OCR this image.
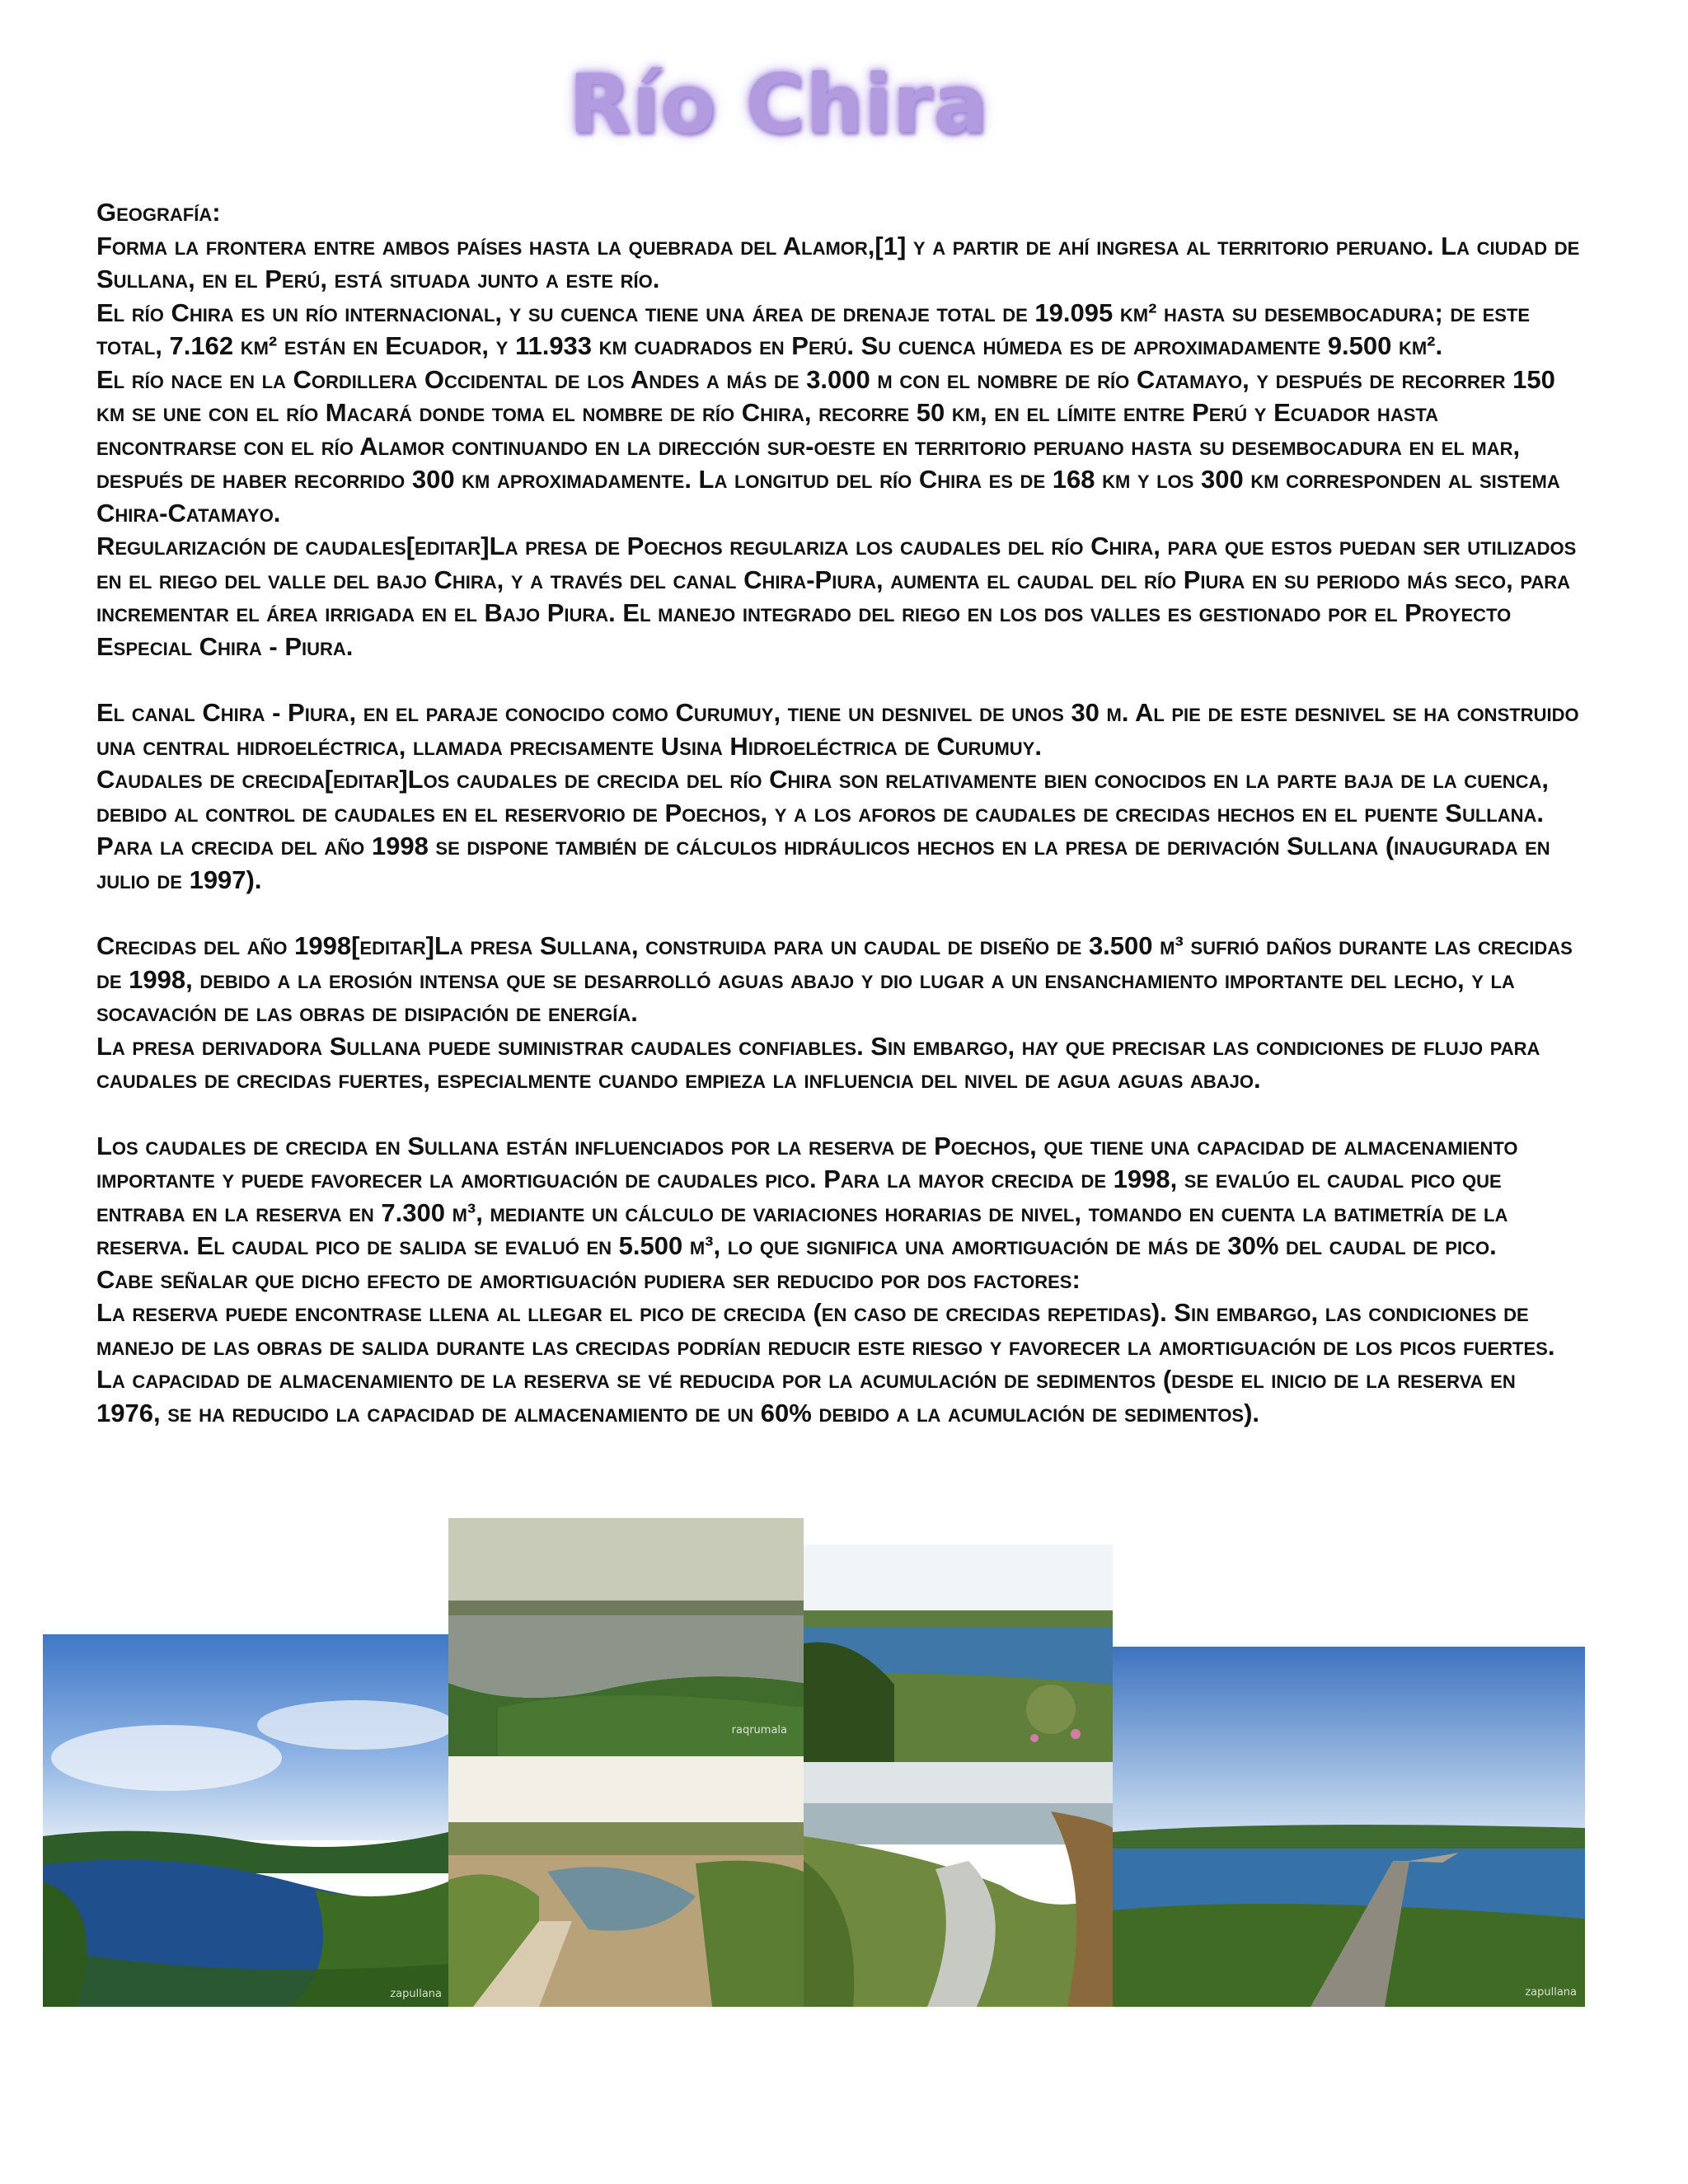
Río Chira

Geografía:

Forma la frontera entre ambos países hasta la quebrada del Alamor,[1] y a partir de ahí ingresa al territorio peruano. La ciudad de Sullana, en el Perú, está situada junto a este río.

El río Chira es un río internacional, y su cuenca tiene una área de drenaje total de 19.095 km² hasta su desembocadura; de este total, 7.162 km² están en Ecuador, y 11.933 km cuadrados en Perú. Su cuenca húmeda es de aproximadamente 9.500 km².

El río nace en la Cordillera Occidental de los Andes a más de 3.000 m con el nombre de río Catamayo, y después de recorrer 150 km se une con el río Macará donde toma el nombre de río Chira, recorre 50 km, en el límite entre Perú y Ecuador hasta encontrarse con el río Alamor continuando en la dirección sur-oeste en territorio peruano hasta su desembocadura en el mar, después de haber recorrido 300 km aproximadamente. La longitud del río Chira es de 168 km y los 300 km corresponden al sistema Chira-Catamayo.

Regularización de caudales[editar]La presa de Poechos regulariza los caudales del río Chira, para que estos puedan ser utilizados en el riego del valle del bajo Chira, y a través del canal Chira-Piura, aumenta el caudal del río Piura en su periodo más seco, para incrementar el área irrigada en el Bajo Piura. El manejo integrado del riego en los dos valles es gestionado por el Proyecto Especial Chira - Piura.

El canal Chira - Piura, en el paraje conocido como Curumuy, tiene un desnivel de unos 30 m. Al pie de este desnivel se ha construido una central hidroeléctrica, llamada precisamente Usina Hidroeléctrica de Curumuy.

Caudales de crecida[editar]Los caudales de crecida del río Chira son relativamente bien conocidos en la parte baja de la cuenca, debido al control de caudales en el reservorio de Poechos, y a los aforos de caudales de crecidas hechos en el puente Sullana. Para la crecida del año 1998 se dispone también de cálculos hidráulicos hechos en la presa de derivación Sullana (inaugurada en julio de 1997).

Crecidas del año 1998[editar]La presa Sullana, construida para un caudal de diseño de 3.500 m³ sufrió daños durante las crecidas de 1998, debido a la erosión intensa que se desarrolló aguas abajo y dio lugar a un ensanchamiento importante del lecho, y la socavación de las obras de disipación de energía.

La presa derivadora Sullana puede suministrar caudales confiables. Sin embargo, hay que precisar las condiciones de flujo para caudales de crecidas fuertes, especialmente cuando empieza la influencia del nivel de agua aguas abajo.

Los caudales de crecida en Sullana están influenciados por la reserva de Poechos, que tiene una capacidad de almacenamiento importante y puede favorecer la amortiguación de caudales pico. Para la mayor crecida de 1998, se evalúo el caudal pico que entraba en la reserva en 7.300 m³, mediante un cálculo de variaciones horarias de nivel, tomando en cuenta la batimetría de la reserva. El caudal pico de salida se evaluó en 5.500 m³, lo que significa una amortiguación de más de 30% del caudal de pico.

Cabe señalar que dicho efecto de amortiguación pudiera ser reducido por dos factores:

La reserva puede encontrase llena al llegar el pico de crecida (en caso de crecidas repetidas). Sin embargo, las condiciones de manejo de las obras de salida durante las crecidas podrían reducir este riesgo y favorecer la amortiguación de los picos fuertes.

La capacidad de almacenamiento de la reserva se vé reducida por la acumulación de sedimentos (desde el inicio de la reserva en 1976, se ha reducido la capacidad de almacenamiento de un 60% debido a la acumulación de sedimentos).

zapullana
raqrumala
zapullana
